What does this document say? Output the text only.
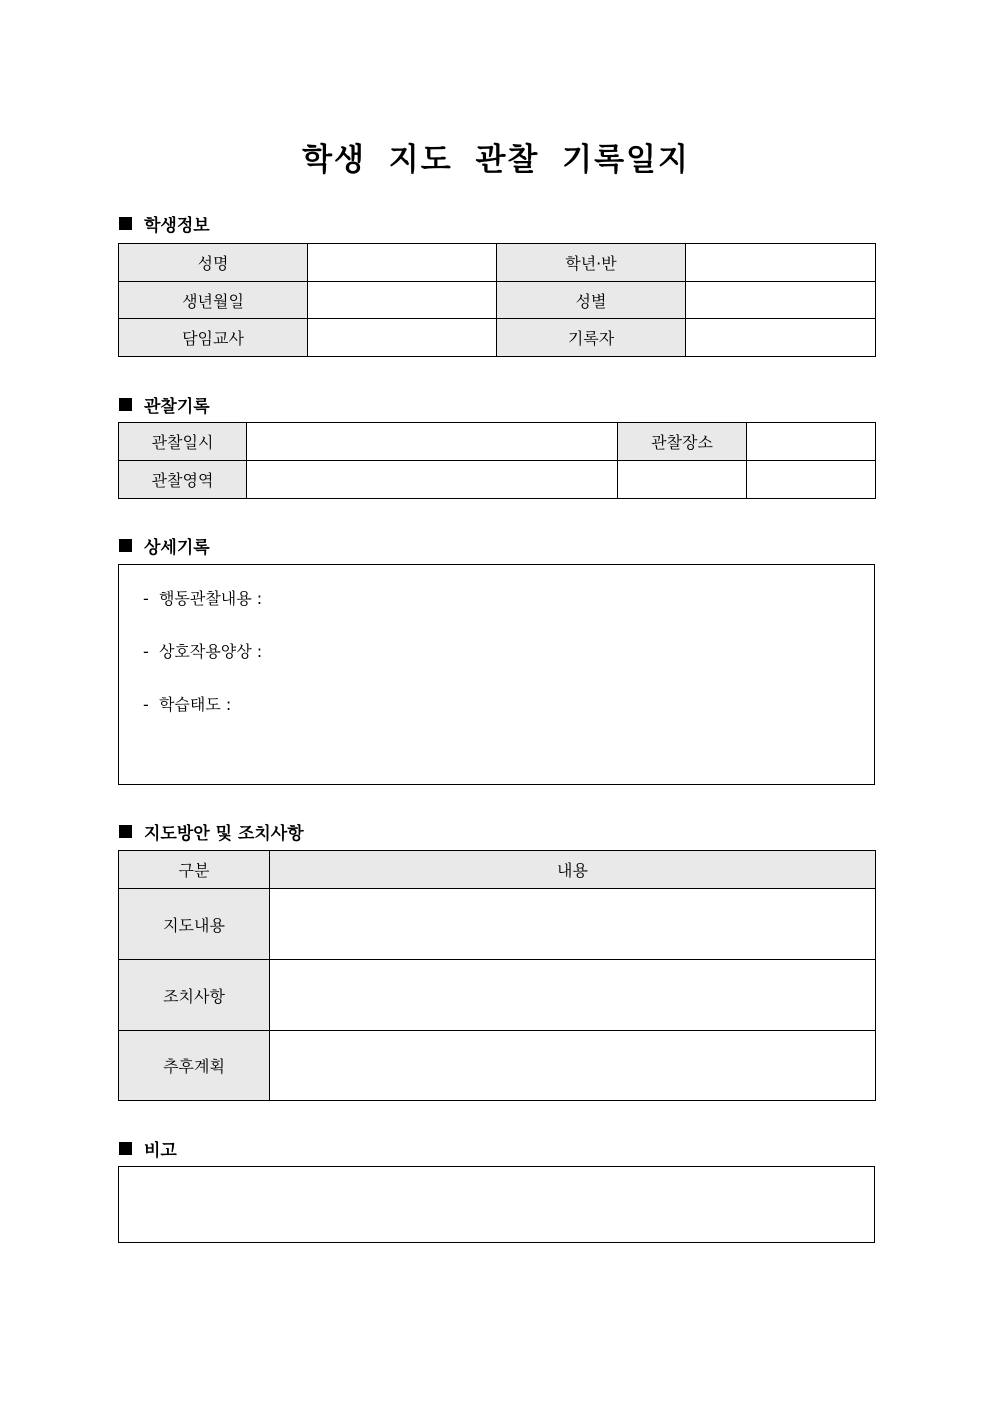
학생 지도 관찰 기록일지
학생정보
성명		학년·반	
생년월일		성별	
담임교사		기록자	
관찰기록
관찰일시		관찰장소	
관찰영역			
상세기록
-  행동관찰내용 :
-  상호작용양상 :
-  학습태도 :
지도방안 및 조치사항
구분	내용
지도내용	
조치사항	
추후계획	
비고
